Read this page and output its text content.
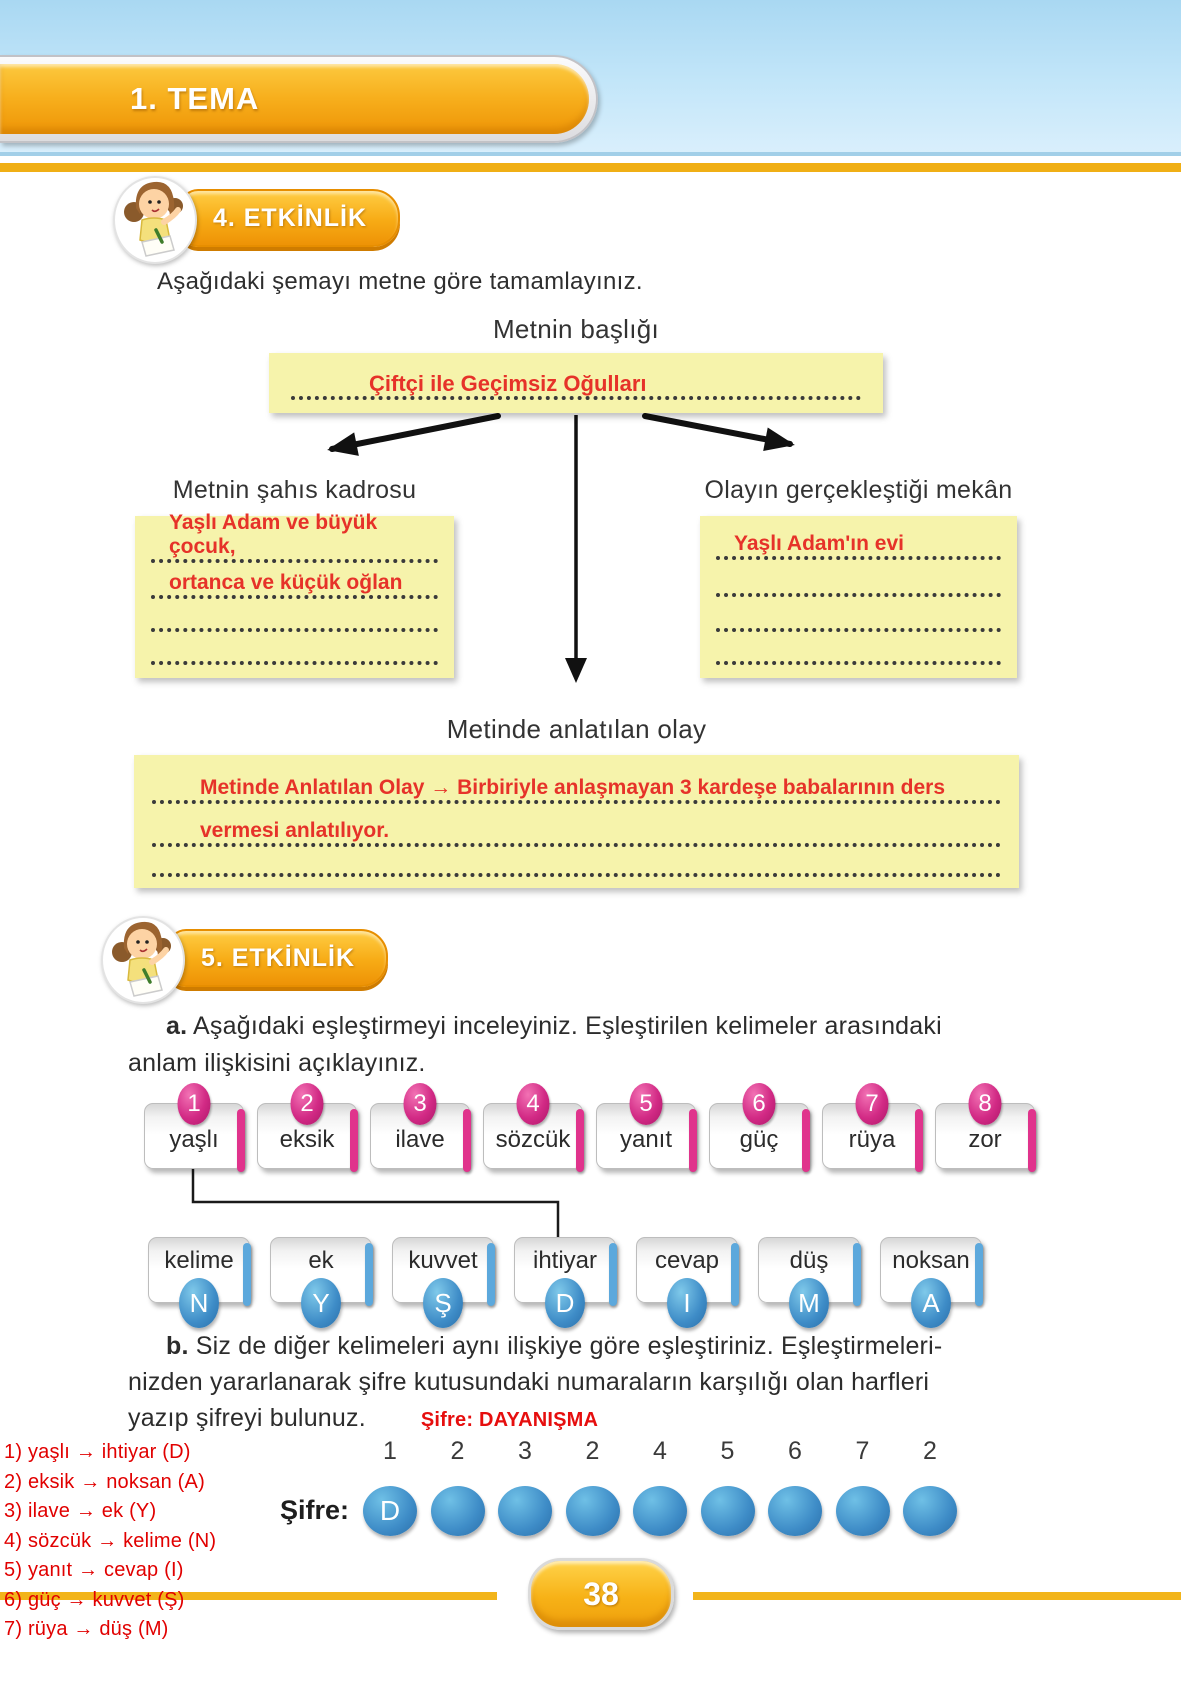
1. TEMA
4. ETKİNLİK
Aşağıdaki şemayı metne göre tamamlayınız.
Metnin başlığı
Çiftçi ile Geçimsiz Oğulları
Metnin şahıs kadrosu
Yaşlı Adam ve büyük çocuk,
ortanca ve küçük oğlan
Olayın gerçekleştiği mekân
Yaşlı Adam'ın evi
Metinde anlatılan olay
Metinde Anlatılan Olay → Birbiriyle anlaşmayan 3 kardeşe babalarının ders
vermesi anlatılıyor.
5. ETKİNLİK
a. Aşağıdaki eşleştirmeyi inceleyiniz. Eşleştirilen kelimeler arasındaki
anlam ilişkisini açıklayınız.
1
yaşlı
2
eksik
3
ilave
4
sözcük
5
yanıt
6
güç
7
rüya
8
zor
kelime
N
ek
Y
kuvvet
Ş
ihtiyar
D
cevap
I
düş
M
noksan
A
b. Siz de diğer kelimeleri aynı ilişkiye göre eşleştiriniz. Eşleştirmeleri-
nizden yararlanarak şifre kutusundaki numaraların karşılığı olan harfleri
yazıp şifreyi bulunuz.	Şifre: DAYANIŞMA
1) yaşlı → ihtiyar (D)
2) eksik → noksan (A)
3) ilave → ek (Y)
4) sözcük → kelime (N)
5) yanıt → cevap (I)
6) güç → kuvvet (Ş)
7) rüya → düş (M)
Şifre:
1	2	3	2	4	5	6	7	2
D
38
